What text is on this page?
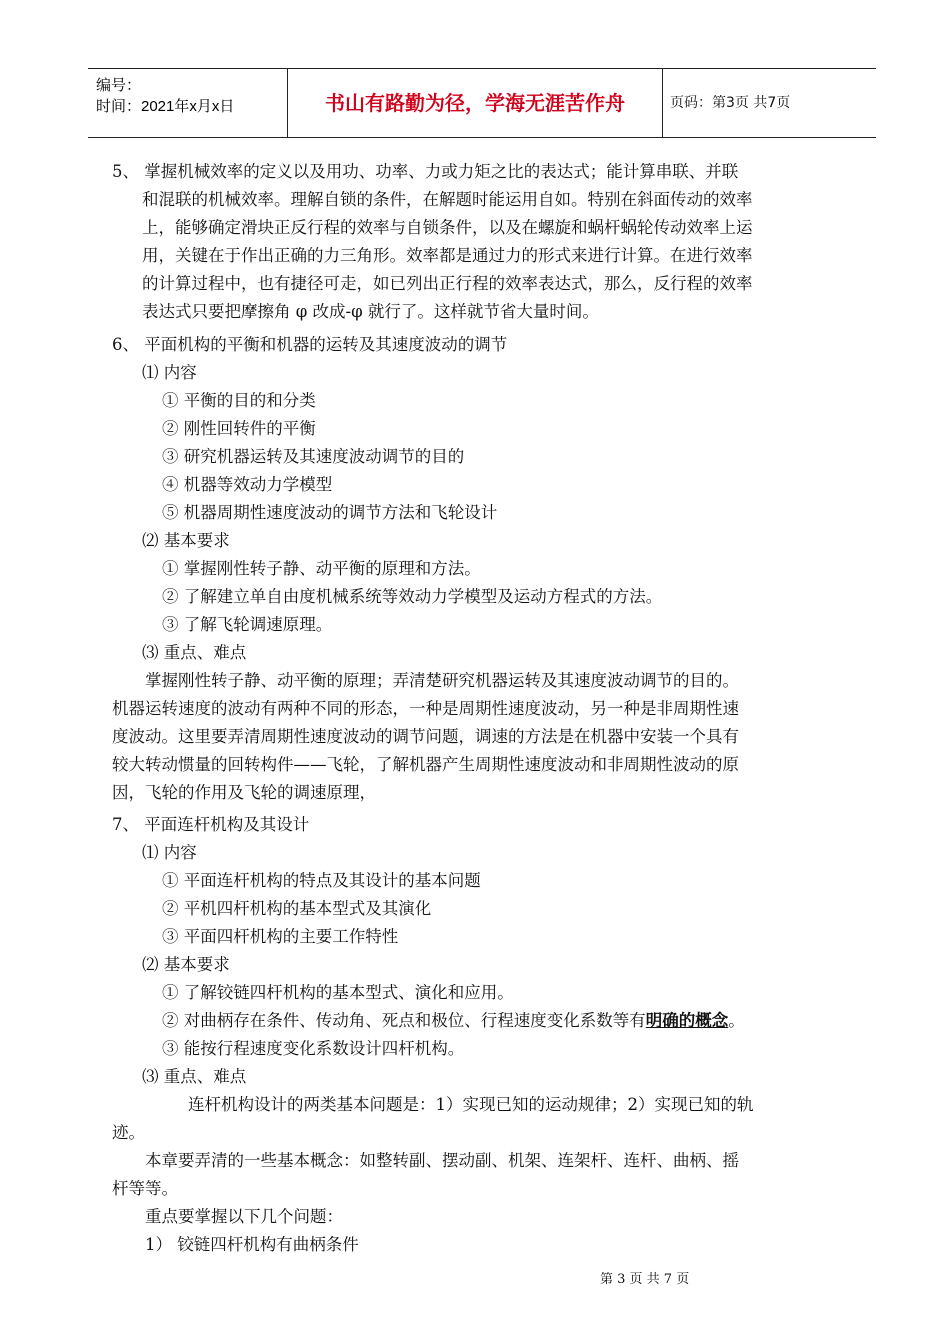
编号：
时间：2021年x月x日	书山有路勤为径，学海无涯苦作舟	页码：第3页 共7页
5、 掌握机械效率的定义以及用功、功率、力或力矩之比的表达式；能计算串联、并联
和混联的机械效率。理解自锁的条件，在解题时能运用自如。特别在斜面传动的效率
上，能够确定滑块正反行程的效率与自锁条件，以及在螺旋和蜗杆蜗轮传动效率上运
用，关键在于作出正确的力三角形。效率都是通过力的形式来进行计算。在进行效率
的计算过程中，也有捷径可走，如已列出正行程的效率表达式，那么，反行程的效率
表达式只要把摩擦角 φ 改成-φ 就行了。这样就节省大量时间。
6、 平面机构的平衡和机器的运转及其速度波动的调节
⑴ 内容
① 平衡的目的和分类
② 刚性回转件的平衡
③ 研究机器运转及其速度波动调节的目的
④ 机器等效动力学模型
⑤ 机器周期性速度波动的调节方法和飞轮设计
⑵ 基本要求
① 掌握刚性转子静、动平衡的原理和方法。
② 了解建立单自由度机械系统等效动力学模型及运动方程式的方法。
③ 了解飞轮调速原理。
⑶ 重点、难点
掌握刚性转子静、动平衡的原理；弄清楚研究机器运转及其速度波动调节的目的。
机器运转速度的波动有两种不同的形态，一种是周期性速度波动，另一种是非周期性速
度波动。这里要弄清周期性速度波动的调节问题，调速的方法是在机器中安装一个具有
较大转动惯量的回转构件——飞轮，了解机器产生周期性速度波动和非周期性波动的原
因，飞轮的作用及飞轮的调速原理，
7、 平面连杆机构及其设计
⑴ 内容
① 平面连杆机构的特点及其设计的基本问题
② 平机四杆机构的基本型式及其演化
③ 平面四杆机构的主要工作特性
⑵ 基本要求
① 了解铰链四杆机构的基本型式、演化和应用。
② 对曲柄存在条件、传动角、死点和极位、行程速度变化系数等有明确的概念。
③ 能按行程速度变化系数设计四杆机构。
⑶ 重点、难点
连杆机构设计的两类基本问题是：1）实现已知的运动规律；2）实现已知的轨
迹。
本章要弄清的一些基本概念：如整转副、摆动副、机架、连架杆、连杆、曲柄、摇
杆等等。
重点要掌握以下几个问题：
1） 铰链四杆机构有曲柄条件
第 3 页 共 7 页
